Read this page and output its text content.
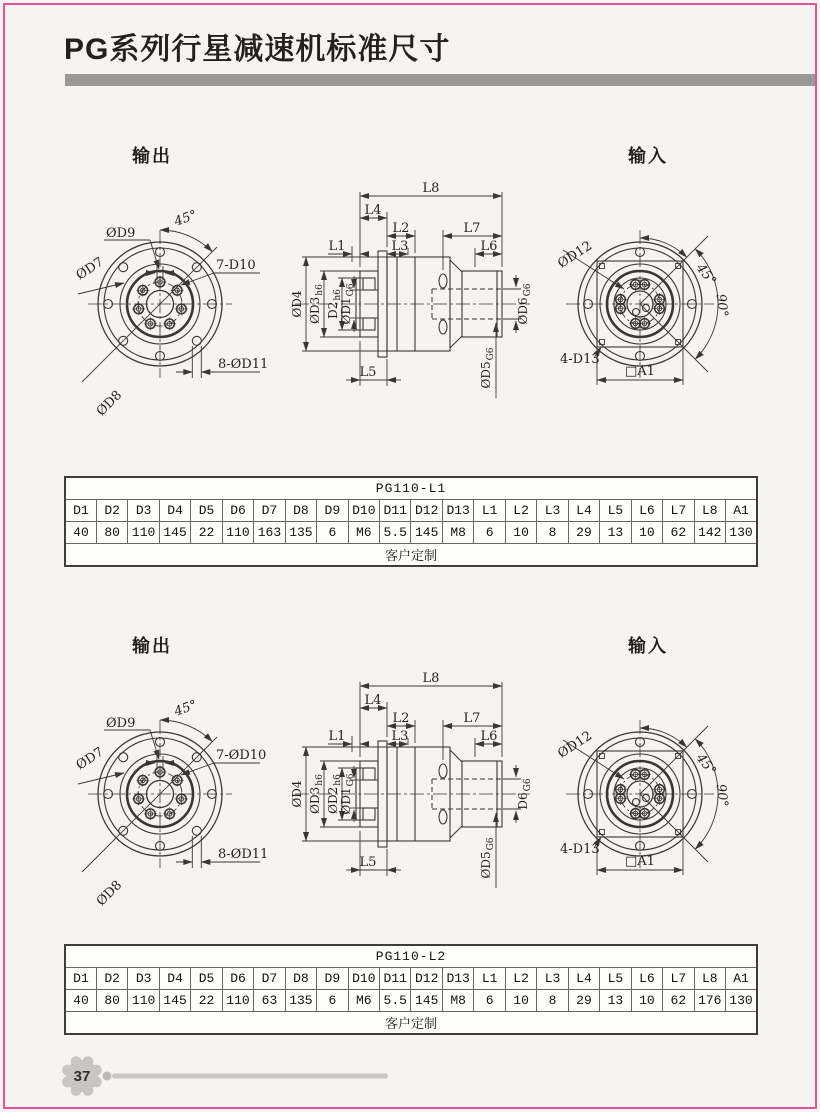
PG系列行星减速机标准尺寸
输出	输入
ØD9
45°
ØD7
ØD8
7-D10
8-ØD11
L8
L4
L2	L7
L1	L3	L6
L5
ØD4 $ØD3_{h6}$
$D2_{h6}$
$ØD1_{G6}$
$ØD6_{G6}$
$ØD5_{G6}$
ØD12
45°
90°
4-D13
□A1
PG110-L1																					
D1	D2	D3	D4	D5	D6	D7	D8	D9	D10	D11	D12	D13	L1	L2	L3	L4	L5	L6	L7	L8	A1
40	80	110	145	22	110	163	135	6	M6	5.5	145	M8	6	10	8	29	13	10	62	142	130
客户定制																					
输出	输入
ØD9
45°
ØD7
ØD8
7-ØD10
8-ØD11
L8
L4
L2	L7
L1	L3	L6
L5
ØD4 $ØD3_{h6}$
$ØD2_{h6}$
$ØD1_{G6}$
$D6_{G6}$
$ØD5_{G6}$
ØD12
45°
90°
4-D13
□A1
PG110-L2																					
D1	D2	D3	D4	D5	D6	D7	D8	D9	D10	D11	D12	D13	L1	L2	L3	L4	L5	L6	L7	L8	A1
40	80	110	145	22	110	63	135	6	M6	5.5	145	M8	6	10	8	29	13	10	62	176	130
客户定制																					
37
